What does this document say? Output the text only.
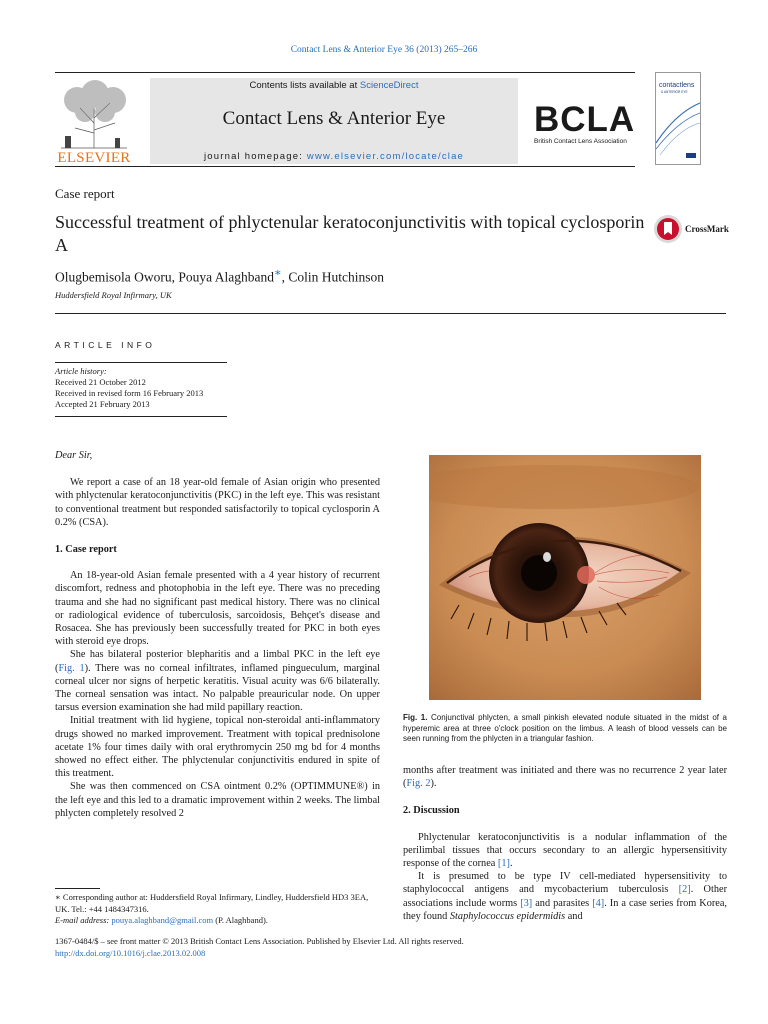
Contact Lens & Anterior Eye 36 (2013) 265–266
ELSEVIER
Contents lists available at ScienceDirect
Contact Lens & Anterior Eye
journal homepage: www.elsevier.com/locate/clae
BCLA
British Contact Lens Association
contactlens
& ANTERIOR EYE
Case report
Successful treatment of phlyctenular keratoconjunctivitis with topical cyclosporin A
CrossMark
Olugbemisola Oworu, Pouya Alaghband∗, Colin Hutchinson
Huddersfield Royal Infirmary, UK
ARTICLE INFO
Article history:
Received 21 October 2012
Received in revised form 16 February 2013
Accepted 21 February 2013

Dear Sir,

We report a case of an 18 year-old female of Asian origin who presented with phlyctenular keratoconjunctivitis (PKC) in the left eye. This was resistant to conventional treatment but responded satisfactorily to topical cyclosporin A 0.2% (CSA).

1. Case report

An 18-year-old Asian female presented with a 4 year history of recurrent discomfort, redness and photophobia in the left eye. There was no preceding trauma and she had no significant past medical history. There was no clinical or radiological evidence of tuberculosis, sarcoidosis, Behçet's disease and Rosacea. She has previously been successfully treated for PKC in both eyes with steroid eye drops.

She has bilateral posterior blepharitis and a limbal PKC in the left eye (Fig. 1). There was no corneal infiltrates, inflamed pingueculum, marginal corneal ulcer nor signs of herpetic keratitis. Visual acuity was 6/6 bilaterally. The corneal sensation was intact. No palpable preauricular node. On upper tarsus eversion examination she had mild papillary reaction.

Initial treatment with lid hygiene, topical non-steroidal anti-inflammatory drugs showed no marked improvement. Treatment with topical prednisolone acetate 1% four times daily with oral erythromycin 250 mg bd for 4 months showed no effect either. The phlyctenular conjunctivitis endured in spite of this treatment.

She was then commenced on CSA ointment 0.2% (OPTIMMUNE®) in the left eye and this led to a dramatic improvement within 2 weeks. The limbal phlycten completely resolved 2

∗ Corresponding author at: Huddersfield Royal Infirmary, Lindley, Huddersfield HD3 3EA, UK. Tel.: +44 1484347316.
E-mail address: pouya.alaghband@gmail.com (P. Alaghband).
Fig. 1. Conjunctival phlycten, a small pinkish elevated nodule situated in the midst of a hyperemic area at three o'clock position on the limbus. A leash of blood vessels can be seen running from the phlycten in a triangular fashion.

months after treatment was initiated and there was no recurrence 2 year later (Fig. 2).

2. Discussion

Phlyctenular keratoconjunctivitis is a nodular inflammation of the perilimbal tissues that occurs secondary to an allergic hypersensitivity response of the cornea [1].

It is presumed to be type IV cell-mediated hypersensitivity to staphylococcal antigens and mycobacterium tuberculosis [2]. Other associations include worms [3] and parasites [4]. In a case series from Korea, they found Staphylococcus epidermidis and

1367-0484/$ – see front matter © 2013 British Contact Lens Association. Published by Elsevier Ltd. All rights reserved.
http://dx.doi.org/10.1016/j.clae.2013.02.008
